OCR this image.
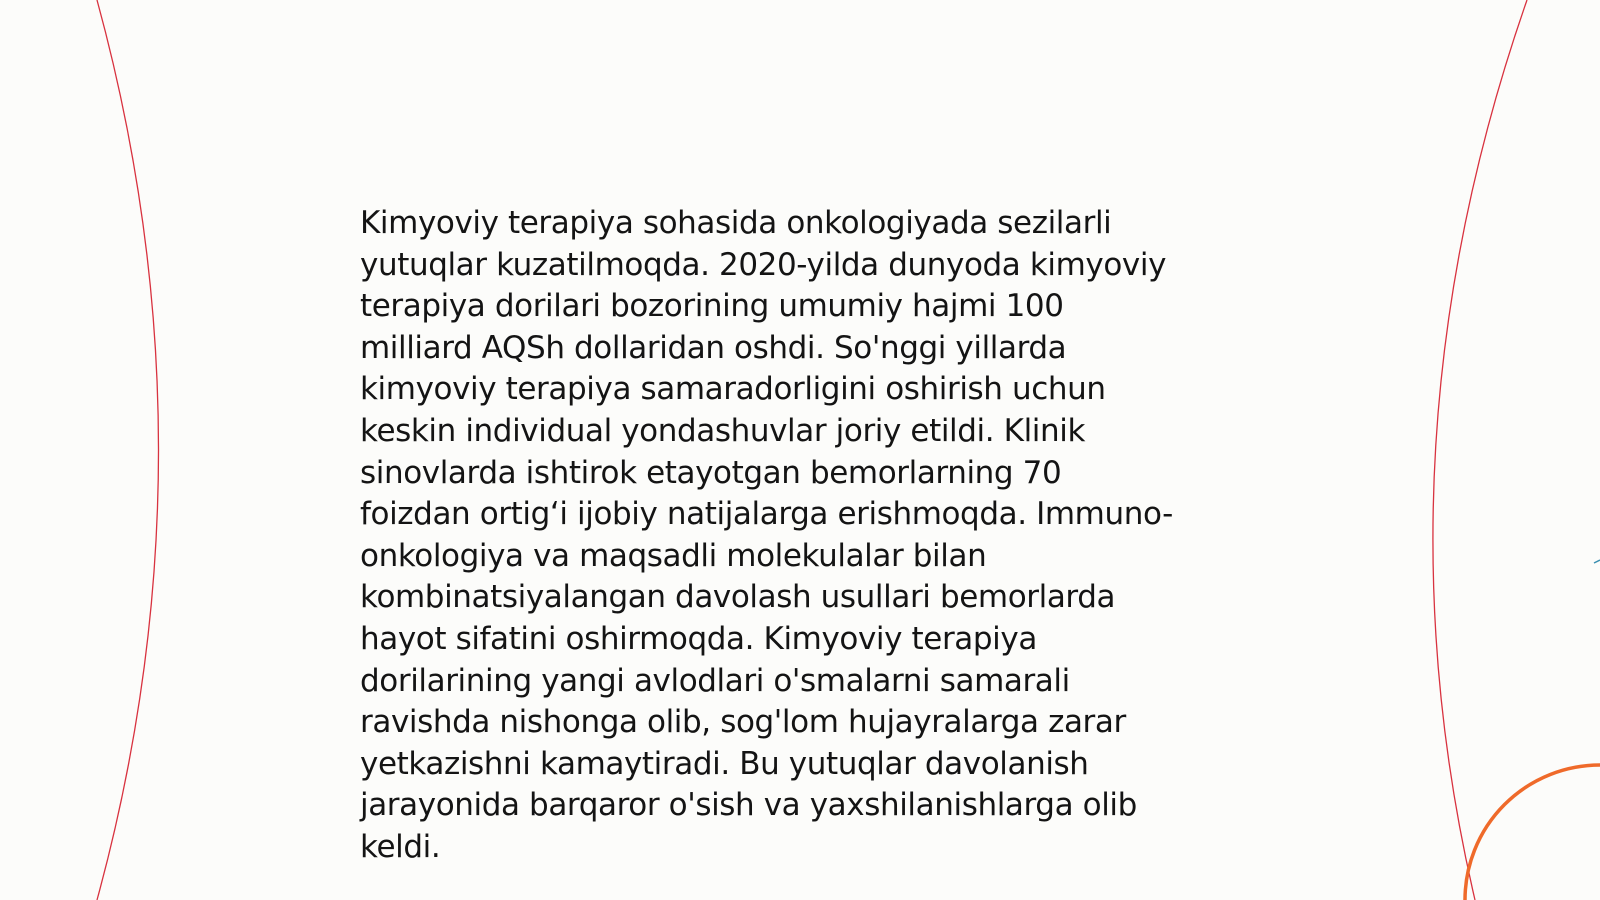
Kimyoviy terapiya sohasida onkologiyada sezilarli
yutuqlar kuzatilmoqda. 2020-yilda dunyoda kimyoviy
terapiya dorilari bozorining umumiy hajmi 100
milliard AQSh dollaridan oshdi. So'nggi yillarda
kimyoviy terapiya samaradorligini oshirish uchun
keskin individual yondashuvlar joriy etildi. Klinik
sinovlarda ishtirok etayotgan bemorlarning 70
foizdan ortig‘i ijobiy natijalarga erishmoqda. Immuno-
onkologiya va maqsadli molekulalar bilan
kombinatsiyalangan davolash usullari bemorlarda
hayot sifatini oshirmoqda. Kimyoviy terapiya
dorilarining yangi avlodlari o'smalarni samarali
ravishda nishonga olib, sog'lom hujayralarga zarar
yetkazishni kamaytiradi. Bu yutuqlar davolanish
jarayonida barqaror o'sish va yaxshilanishlarga olib
keldi.
